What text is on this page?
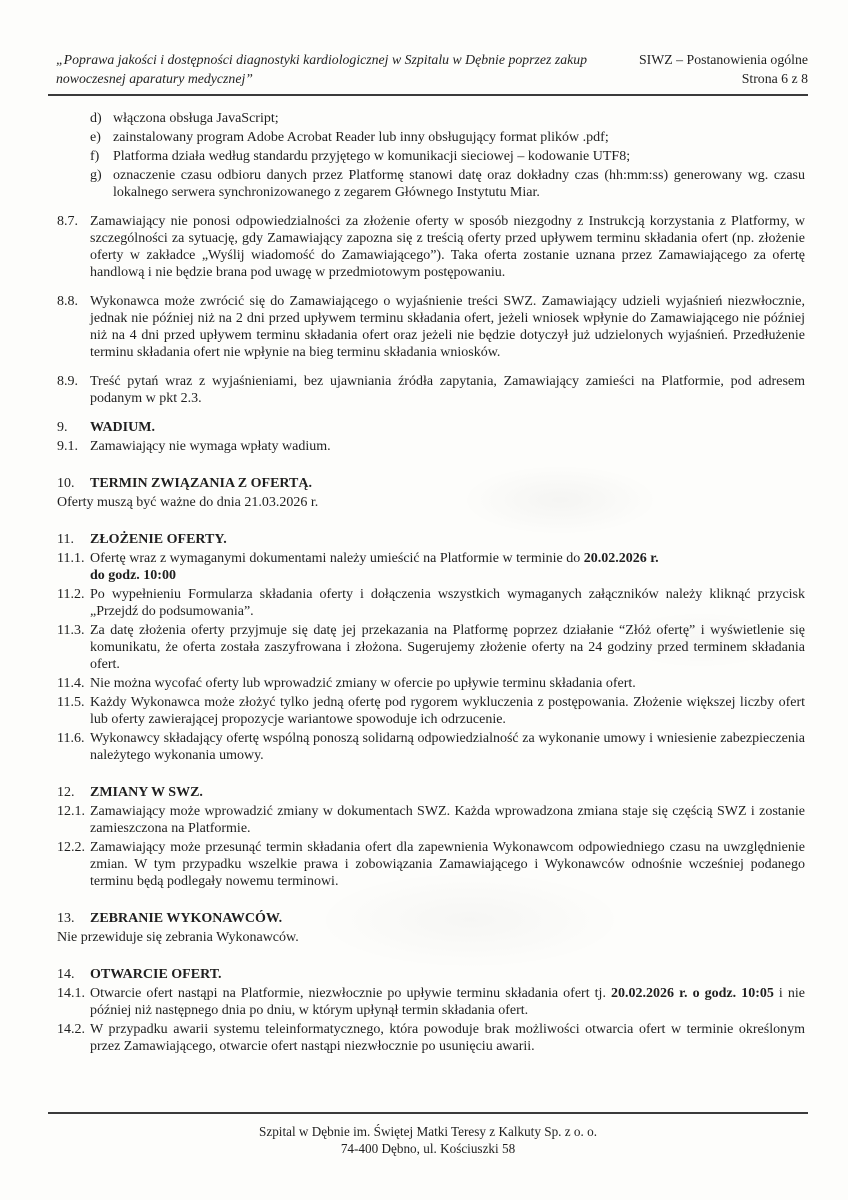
„Poprawa jakości i dostępności diagnostyki kardiologicznej w Szpitalu w Dębnie poprzez zakup nowoczesnej aparatury medycznej”
SIWZ – Postanowienia ogólne
Strona 6 z 8
d) włączona obsługa JavaScript;
e) zainstalowany program Adobe Acrobat Reader lub inny obsługujący format plików .pdf;
f) Platforma działa według standardu przyjętego w komunikacji sieciowej – kodowanie UTF8;
g) oznaczenie czasu odbioru danych przez Platformę stanowi datę oraz dokładny czas (hh:mm:ss) generowany wg. czasu lokalnego serwera synchronizowanego z zegarem Głównego Instytutu Miar.
8.7. Zamawiający nie ponosi odpowiedzialności za złożenie oferty w sposób niezgodny z Instrukcją korzystania z Platformy, w szczególności za sytuację, gdy Zamawiający zapozna się z treścią oferty przed upływem terminu składania ofert (np. złożenie oferty w zakładce „Wyślij wiadomość do Zamawiającego”). Taka oferta zostanie uznana przez Zamawiającego za ofertę handlową i nie będzie brana pod uwagę w przedmiotowym postępowaniu.
8.8. Wykonawca może zwrócić się do Zamawiającego o wyjaśnienie treści SWZ. Zamawiający udzieli wyjaśnień niezwłocznie, jednak nie później niż na 2 dni przed upływem terminu składania ofert, jeżeli wniosek wpłynie do Zamawiającego nie później niż na 4 dni przed upływem terminu składania ofert oraz jeżeli nie będzie dotyczył już udzielonych wyjaśnień. Przedłużenie terminu składania ofert nie wpłynie na bieg terminu składania wniosków.
8.9. Treść pytań wraz z wyjaśnieniami, bez ujawniania źródła zapytania, Zamawiający zamieści na Platformie, pod adresem podanym w pkt 2.3.
9. WADIUM.
9.1. Zamawiający nie wymaga wpłaty wadium.
10. TERMIN ZWIĄZANIA Z OFERTĄ.
Oferty muszą być ważne do dnia 21.03.2026 r.
11. ZŁOŻENIE OFERTY.
11.1. Ofertę wraz z wymaganymi dokumentami należy umieścić na Platformie w terminie do 20.02.2026 r.
do godz. 10:00
11.2. Po wypełnieniu Formularza składania oferty i dołączenia wszystkich wymaganych załączników należy kliknąć przycisk „Przejdź do podsumowania”.
11.3. Za datę złożenia oferty przyjmuje się datę jej przekazania na Platformę poprzez działanie “Złóż ofertę” i wyświetlenie się komunikatu, że oferta została zaszyfrowana i złożona. Sugerujemy złożenie oferty na 24 godziny przed terminem składania ofert.
11.4. Nie można wycofać oferty lub wprowadzić zmiany w ofercie po upływie terminu składania ofert.
11.5. Każdy Wykonawca może złożyć tylko jedną ofertę pod rygorem wykluczenia z postępowania. Złożenie większej liczby ofert lub oferty zawierającej propozycje wariantowe spowoduje ich odrzucenie.
11.6. Wykonawcy składający ofertę wspólną ponoszą solidarną odpowiedzialność za wykonanie umowy i wniesienie zabezpieczenia należytego wykonania umowy.
12. ZMIANY W SWZ.
12.1. Zamawiający może wprowadzić zmiany w dokumentach SWZ. Każda wprowadzona zmiana staje się częścią SWZ i zostanie zamieszczona na Platformie.
12.2. Zamawiający może przesunąć termin składania ofert dla zapewnienia Wykonawcom odpowiedniego czasu na uwzględnienie zmian. W tym przypadku wszelkie prawa i zobowiązania Zamawiającego i Wykonawców odnośnie wcześniej podanego terminu będą podlegały nowemu terminowi.
13. ZEBRANIE WYKONAWCÓW.
Nie przewiduje się zebrania Wykonawców.
14. OTWARCIE OFERT.
14.1. Otwarcie ofert nastąpi na Platformie, niezwłocznie po upływie terminu składania ofert tj. 20.02.2026 r. o godz. 10:05 i nie później niż następnego dnia po dniu, w którym upłynął termin składania ofert.
14.2. W przypadku awarii systemu teleinformatycznego, która powoduje brak możliwości otwarcia ofert w terminie określonym przez Zamawiającego, otwarcie ofert nastąpi niezwłocznie po usunięciu awarii.
Szpital w Dębnie im. Świętej Matki Teresy z Kalkuty Sp. z o. o.
74-400 Dębno, ul. Kościuszki 58
